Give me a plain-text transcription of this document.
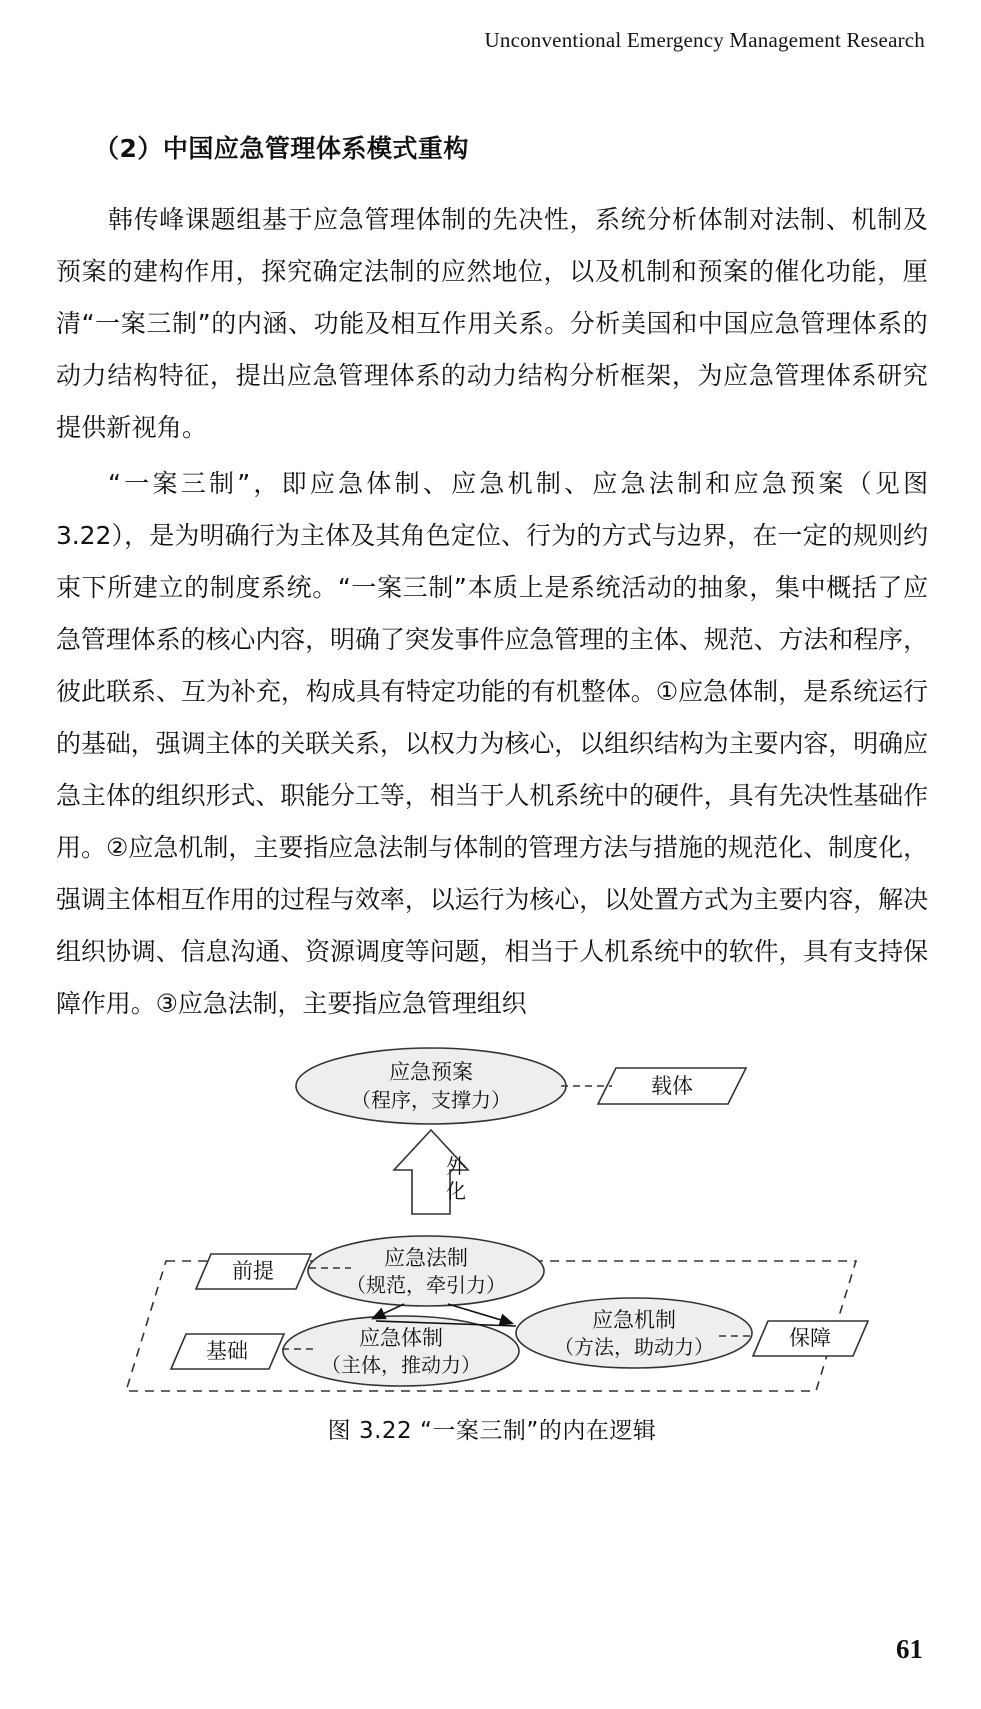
Unconventional Emergency Management Research
（2）中国应急管理体系模式重构

韩传峰课题组基于应急管理体制的先决性，系统分析体制对法制、机制及预案的建构作用，探究确定法制的应然地位，以及机制和预案的催化功能，厘清“一案三制”的内涵、功能及相互作用关系。分析美国和中国应急管理体系的动力结构特征，提出应急管理体系的动力结构分析框架，为应急管理体系研究提供新视角。

“一案三制”，即应急体制、应急机制、应急法制和应急预案（见图 3.22），是为明确行为主体及其角色定位、行为的方式与边界，在一定的规则约束下所建立的制度系统。“一案三制”本质上是系统活动的抽象，集中概括了应急管理体系的核心内容，明确了突发事件应急管理的主体、规范、方法和程序，彼此联系、互为补充，构成具有特定功能的有机整体。①应急体制，是系统运行的基础，强调主体的关联关系，以权力为核心，以组织结构为主要内容，明确应急主体的组织形式、职能分工等，相当于人机系统中的硬件，具有先决性基础作用。②应急机制，主要指应急法制与体制的管理方法与措施的规范化、制度化，强调主体相互作用的过程与效率，以运行为核心，以处置方式为主要内容，解决组织协调、信息沟通、资源调度等问题，相当于人机系统中的软件，具有支持保障作用。③应急法制，主要指应急管理组织

应急预案
（程序，支撑力）
载体
外
化
应急法制
（规范，牵引力）
前提
应急机制
（方法，助动力）	保障
应急体制
（主体，推动力）
基础
图 3.22 “一案三制”的内在逻辑
61
